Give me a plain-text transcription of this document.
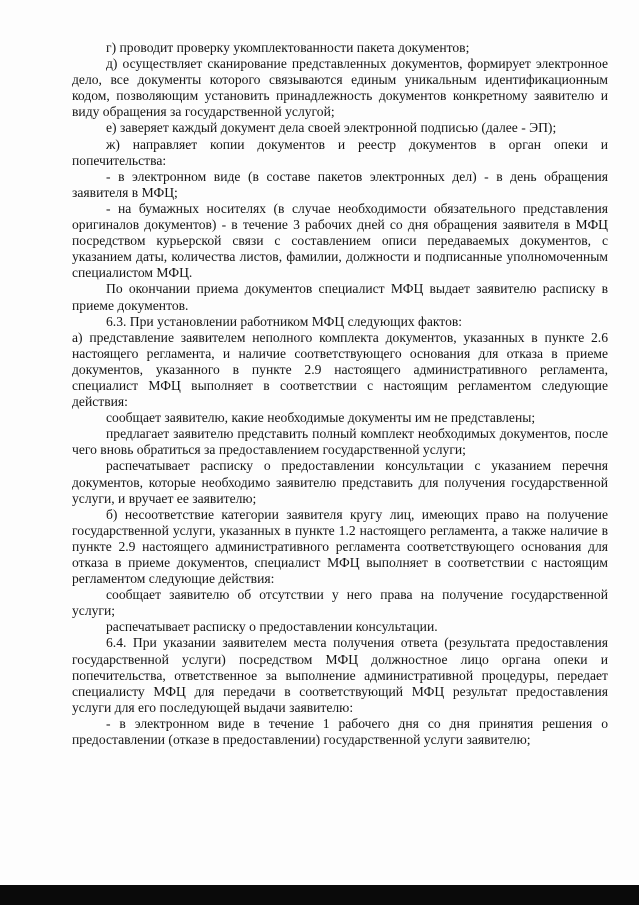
г) проводит проверку укомплектованности пакета документов;

д) осуществляет сканирование представленных документов, формирует электронное дело, все документы которого связываются единым уникальным идентификационным кодом, позволяющим установить принадлежность документов конкретному заявителю и виду обращения за государственной услугой;

е) заверяет каждый документ дела своей электронной подписью (далее - ЭП);

ж) направляет копии документов и реестр документов в орган опеки и попечительства:

- в электронном виде (в составе пакетов электронных дел) - в день обращения заявителя в МФЦ;

- на бумажных носителях (в случае необходимости обязательного представления оригиналов документов) - в течение 3 рабочих дней со дня обращения заявителя в МФЦ посредством курьерской связи с составлением описи передаваемых документов, с указанием даты, количества листов, фамилии, должности и подписанные уполномоченным специалистом МФЦ.

По окончании приема документов специалист МФЦ выдает заявителю расписку в приеме документов.

6.3. При установлении работником МФЦ следующих фактов:

а) представление заявителем неполного комплекта документов, указанных в пункте 2.6 настоящего регламента, и наличие соответствующего основания для отказа в приеме документов, указанного в пункте 2.9 настоящего административного регламента, специалист МФЦ выполняет в соответствии с настоящим регламентом следующие действия:

сообщает заявителю, какие необходимые документы им не представлены;

предлагает заявителю представить полный комплект необходимых документов, после чего вновь обратиться за предоставлением государственной услуги;

распечатывает расписку о предоставлении консультации с указанием перечня документов, которые необходимо заявителю представить для получения государственной услуги, и вручает ее заявителю;

б) несоответствие категории заявителя кругу лиц, имеющих право на получение государственной услуги, указанных в пункте 1.2 настоящего регламента, а также наличие в пункте 2.9 настоящего административного регламента соответствующего основания для отказа в приеме документов, специалист МФЦ выполняет в соответствии с настоящим регламентом следующие действия:

сообщает заявителю об отсутствии у него права на получение государственной услуги;

распечатывает расписку о предоставлении консультации.

6.4. При указании заявителем места получения ответа (результата предоставления государственной услуги) посредством МФЦ должностное лицо органа опеки и попечительства, ответственное за выполнение административной процедуры, передает специалисту МФЦ для передачи в соответствующий МФЦ результат предоставления услуги для его последующей выдачи заявителю:

- в электронном виде в течение 1 рабочего дня со дня принятия решения о предоставлении (отказе в предоставлении) государственной услуги заявителю;
